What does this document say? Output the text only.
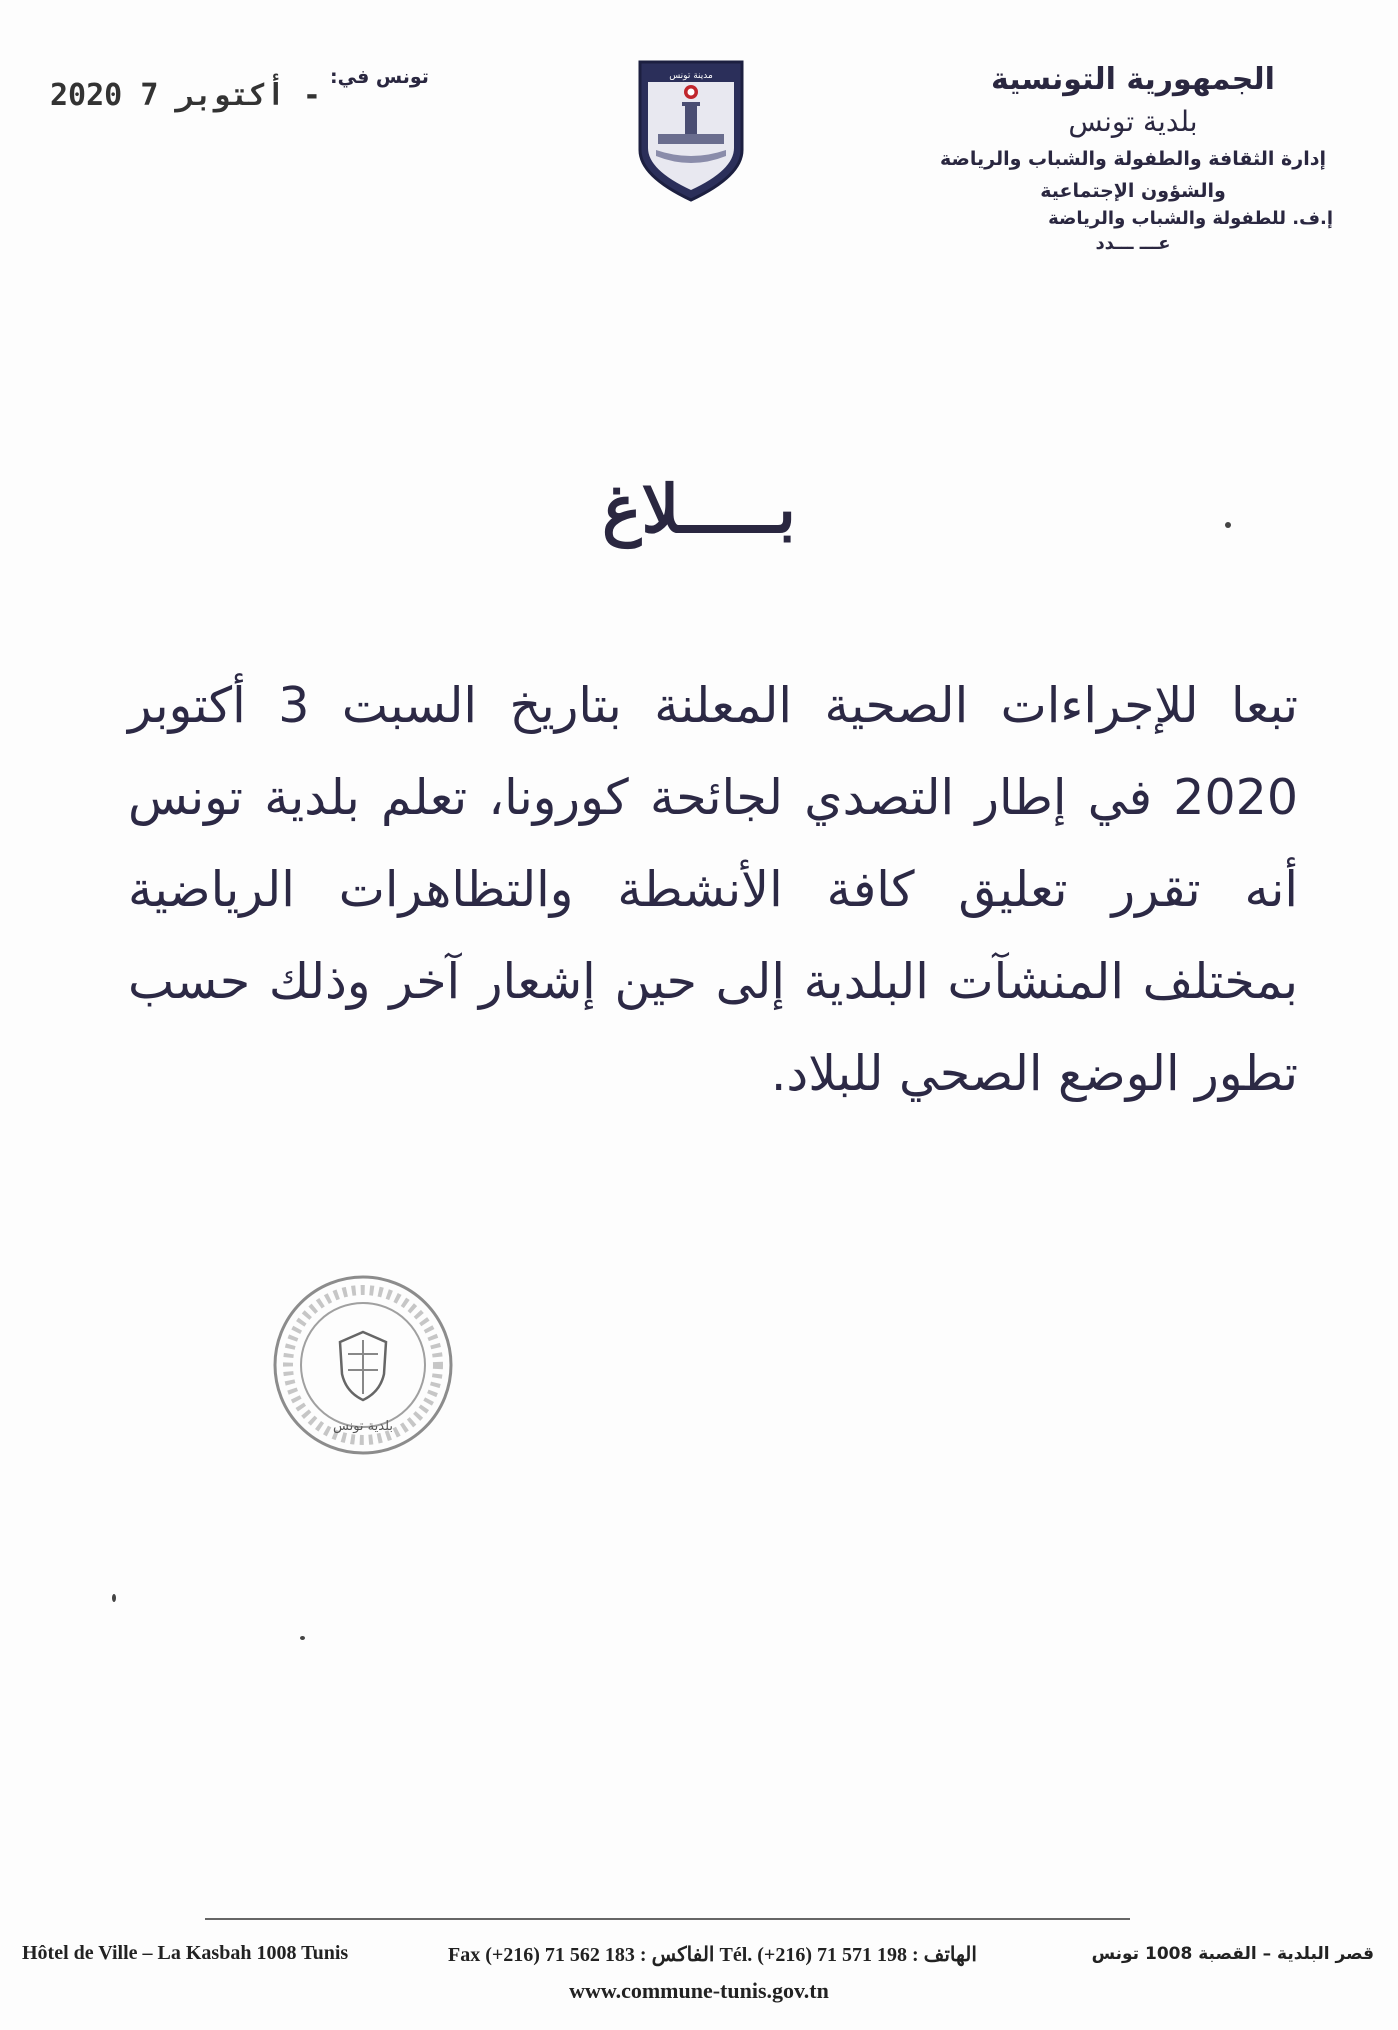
الجمهورية التونسية
بلدية تونس
إدارة الثقافة والطفولة والشباب والرياضة
والشؤون الإجتماعية
إ.ف. للطفولة والشباب والرياضة
عـــ ـــدد
مدينة تونس
تونس في:
2020 أكتوبر 7 -
بـــــلاغ
تبعا للإجراءات الصحية المعلنة بتاريخ السبت 3 أكتوبر 2020 في إطار التصدي لجائحة كورونا، تعلم بلدية تونس أنه تقرر تعليق كافة الأنشطة والتظاهرات الرياضية بمختلف المنشآت البلدية إلى حين إشعار آخر وذلك حسب تطور الوضع الصحي للبلاد.
بلدية تونس
Hôtel de Ville – La Kasbah 1008 Tunis	Fax (+216) 71 562 183 : الفاكس Tél. (+216) 71 571 198 : الهاتف	قصر البلدية – القصبة 1008 تونس
www.commune-tunis.gov.tn
